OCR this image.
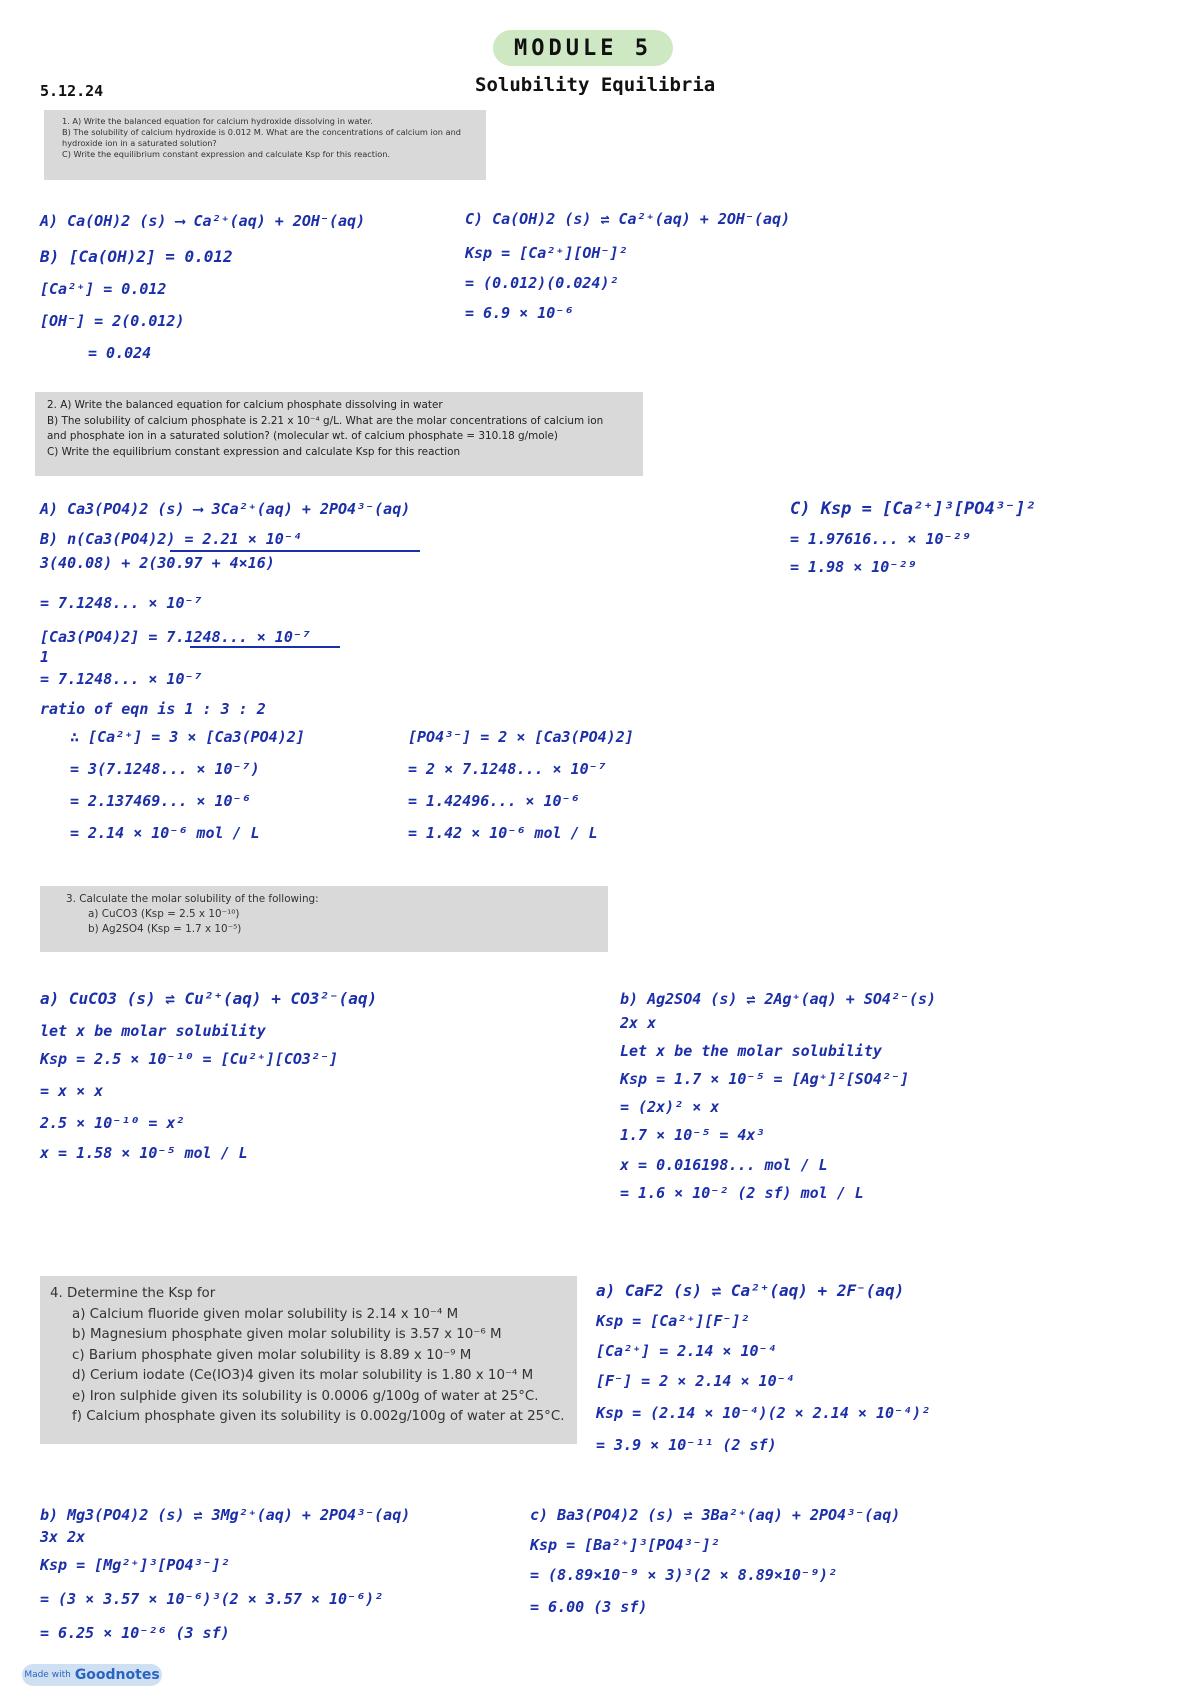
MODULE 5
Solubility Equilibria
5.12.24
1. A) Write the balanced equation for calcium hydroxide dissolving in water.
B) The solubility of calcium hydroxide is 0.012 M. What are the concentrations of calcium ion and
hydroxide ion in a saturated solution?
C) Write the equilibrium constant expression and calculate Ksp for this reaction.
A) Ca(OH)2 (s) ⟶ Ca²⁺(aq) + 2OH⁻(aq)
B) [Ca(OH)2] = 0.012
[Ca²⁺] = 0.012
[OH⁻] = 2(0.012)
= 0.024
C) Ca(OH)2 (s) ⇌ Ca²⁺(aq) + 2OH⁻(aq)
Ksp = [Ca²⁺][OH⁻]²
= (0.012)(0.024)²
= 6.9 × 10⁻⁶
2. A) Write the balanced equation for calcium phosphate dissolving in water
B) The solubility of calcium phosphate is 2.21 x 10⁻⁴ g/L. What are the molar concentrations of calcium ion
and phosphate ion in a saturated solution? (molecular wt. of calcium phosphate = 310.18 g/mole)
C) Write the equilibrium constant expression and calculate Ksp for this reaction
A) Ca3(PO4)2 (s) ⟶ 3Ca²⁺(aq) + 2PO4³⁻(aq)
B) n(Ca3(PO4)2) = 2.21 × 10⁻⁴
3(40.08) + 2(30.97 + 4×16)
= 7.1248... × 10⁻⁷
[Ca3(PO4)2] = 7.1248... × 10⁻⁷
1
= 7.1248... × 10⁻⁷
ratio of eqn is 1 : 3 : 2
∴ [Ca²⁺] = 3 × [Ca3(PO4)2]
= 3(7.1248... × 10⁻⁷)
= 2.137469... × 10⁻⁶
= 2.14 × 10⁻⁶ mol / L
[PO4³⁻] = 2 × [Ca3(PO4)2]
= 2 × 7.1248... × 10⁻⁷
= 1.42496... × 10⁻⁶
= 1.42 × 10⁻⁶ mol / L
C) Ksp = [Ca²⁺]³[PO4³⁻]²
= 1.97616... × 10⁻²⁹
= 1.98 × 10⁻²⁹
3. Calculate the molar solubility of the following:
a) CuCO3 (Ksp = 2.5 x 10⁻¹⁰)
b) Ag2SO4 (Ksp = 1.7 x 10⁻⁵)
a) CuCO3 (s) ⇌ Cu²⁺(aq) + CO3²⁻(aq)
let x be molar solubility
Ksp = 2.5 × 10⁻¹⁰ = [Cu²⁺][CO3²⁻]
= x × x
2.5 × 10⁻¹⁰ = x²
x = 1.58 × 10⁻⁵ mol / L
b) Ag2SO4 (s) ⇌ 2Ag⁺(aq) + SO4²⁻(s)
2x x
Let x be the molar solubility
Ksp = 1.7 × 10⁻⁵ = [Ag⁺]²[SO4²⁻]
= (2x)² × x
1.7 × 10⁻⁵ = 4x³
x = 0.016198... mol / L
= 1.6 × 10⁻² (2 sf) mol / L
4. Determine the Ksp for
a) Calcium fluoride given molar solubility is 2.14 x 10⁻⁴ M
b) Magnesium phosphate given molar solubility is 3.57 x 10⁻⁶ M
c) Barium phosphate given molar solubility is 8.89 x 10⁻⁹ M
d) Cerium iodate (Ce(IO3)4 given its molar solubility is 1.80 x 10⁻⁴ M
e) Iron sulphide given its solubility is 0.0006 g/100g of water at 25°C.
f) Calcium phosphate given its solubility is 0.002g/100g of water at 25°C.
a) CaF2 (s) ⇌ Ca²⁺(aq) + 2F⁻(aq)
Ksp = [Ca²⁺][F⁻]²
[Ca²⁺] = 2.14 × 10⁻⁴
[F⁻] = 2 × 2.14 × 10⁻⁴
Ksp = (2.14 × 10⁻⁴)(2 × 2.14 × 10⁻⁴)²
= 3.9 × 10⁻¹¹ (2 sf)
b) Mg3(PO4)2 (s) ⇌ 3Mg²⁺(aq) + 2PO4³⁻(aq)
3x 2x
Ksp = [Mg²⁺]³[PO4³⁻]²
= (3 × 3.57 × 10⁻⁶)³(2 × 3.57 × 10⁻⁶)²
= 6.25 × 10⁻²⁶ (3 sf)
c) Ba3(PO4)2 (s) ⇌ 3Ba²⁺(aq) + 2PO4³⁻(aq)
Ksp = [Ba²⁺]³[PO4³⁻]²
= (8.89×10⁻⁹ × 3)³(2 × 8.89×10⁻⁹)²
= 6.00 (3 sf)
Made with Goodnotes
